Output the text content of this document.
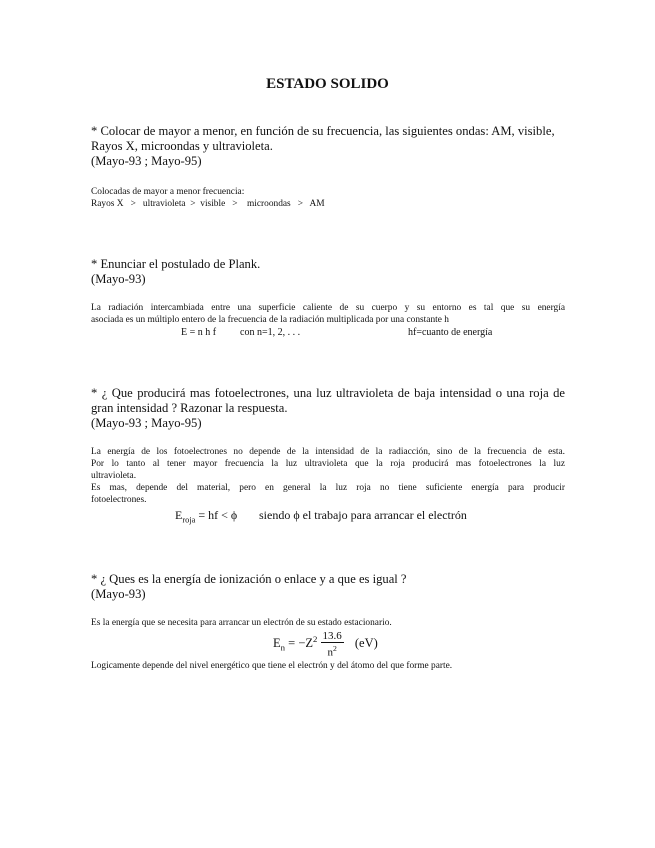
ESTADO SOLIDO
* Colocar de mayor a menor, en función de su frecuencia, las siguientes ondas: AM, visible,
Rayos X, microondas y ultravioleta.
(Mayo-93 ; Mayo-95)
Colocadas de mayor a menor frecuencia:
Rayos X   >   ultravioleta  >  visible   >    microondas   >   AM
* Enunciar el postulado de Plank.
(Mayo-93)
La radiación intercambiada entre una superficie caliente de su cuerpo y su entorno es tal que su energía
asociada es un múltiplo entero de la frecuencia de la radiación multiplicada por una constante h
E = n h f con n=1, 2, . . .	hf=cuanto de energía
* ¿ Que producirá mas fotoelectrones, una luz ultravioleta de baja intensidad o una roja de
gran intensidad ? Razonar la respuesta.
(Mayo-93 ; Mayo-95)
La energía de los fotoelectrones no depende de la intensidad de la radiacción, sino de la frecuencia de esta.
Por lo tanto al tener mayor frecuencia la luz ultravioleta que la roja producirá mas fotoelectrones la luz
ultravioleta.
Es mas, depende del material, pero en general la luz roja no tiene suficiente energía para producir
fotoelectrones.
$E_{roja}$ = hf < ϕ siendo ϕ el trabajo para arrancar el electrón
* ¿ Ques es la energía de ionización o enlace y a que es igual ?
(Mayo-93)
Es la energía que se necesita para arrancar un electrón de su estado estacionario.
$E_n = -Z^2 \frac{13.6}{n^2} (eV)$
Logicamente depende del nivel energético que tiene el electrón y del átomo del que forme parte.
